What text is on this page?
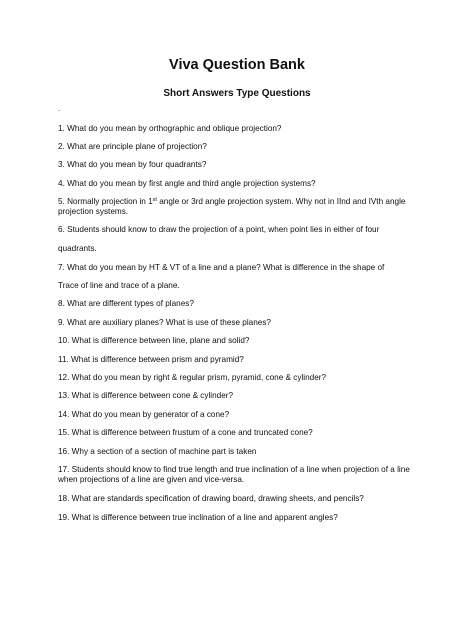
Viva Question Bank
Short Answers Type Questions
.
1. What do you mean by orthographic and oblique projection?
2. What are principle plane of projection?
3. What do you mean by four quadrants?
4. What do you mean by first angle and third angle projection systems?
5. Normally projection in 1st angle or 3rd angle projection system. Why not in IInd and IVth angle projection systems.
6. Students should know to draw the projection of a point, when point lies in either of four
quadrants.
7. What do you mean by HT & VT of a line and a plane? What is difference in the shape of
Trace of line and trace of a plane.
8. What are different types of planes?
9. What are auxiliary planes? What is use of these planes?
10. What is difference between line, plane and solid?
11. What is difference between prism and pyramid?
12. What do you mean by right & regular prism, pyramid, cone & cylinder?
13. What is difference between cone & cylinder?
14. What do you mean by generator of a cone?
15. What is difference between frustum of a cone and truncated cone?
16. Why a section of a section of machine part is taken
17. Students should know to find true length and true inclination of a line when projection of a line when projections of a line are given and vice-versa.
18. What are standards specification of drawing board, drawing sheets, and pencils?
19. What is difference between true inclination of a line and apparent angles?
